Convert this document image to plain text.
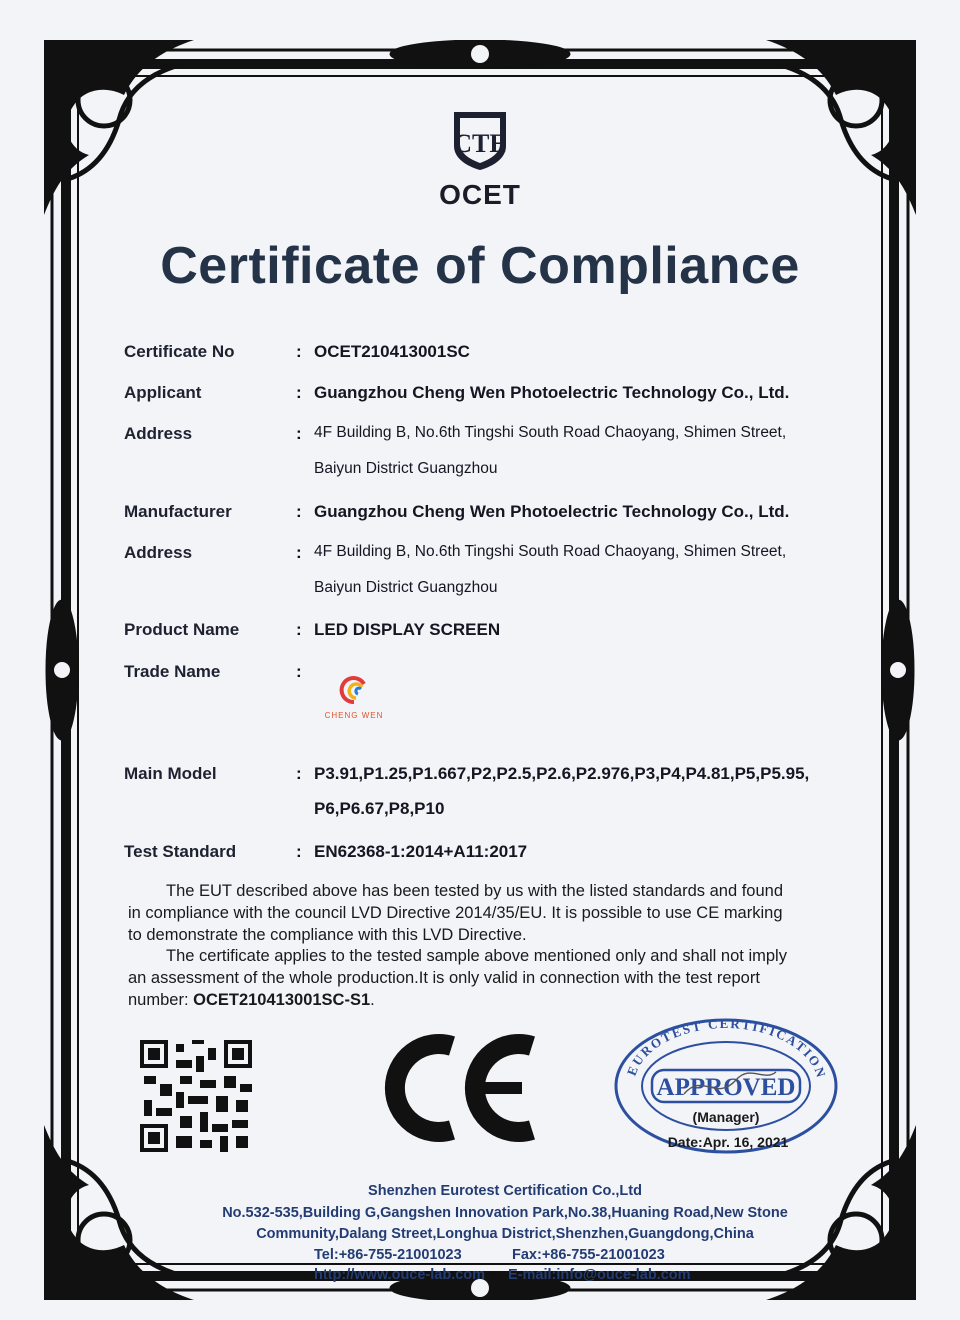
CTE
OCET
Certificate of Compliance
Certificate No	: OCET210413001SC
Applicant	: Guangzhou Cheng Wen Photoelectric Technology Co., Ltd.
Address	: 4F Building B, No.6th Tingshi South Road Chaoyang, Shimen Street,
Baiyun District Guangzhou
Manufacturer	: Guangzhou Cheng Wen Photoelectric Technology Co., Ltd.
Address	: 4F Building B, No.6th Tingshi South Road Chaoyang, Shimen Street,
Baiyun District Guangzhou
Product Name	: LED DISPLAY SCREEN
Trade Name	:
CHENG WEN
Main Model	: P3.91,P1.25,P1.667,P2,P2.5,P2.6,P2.976,P3,P4,P4.81,P5,P5.95,
P6,P6.67,P8,P10
Test Standard	: EN62368-1:2014+A11:2017
The EUT described above has been tested by us with the listed standards and found
in compliance with the council LVD Directive 2014/35/EU. It is possible to use CE marking
to demonstrate the compliance with this LVD Directive.
The certificate applies to the tested sample above mentioned only and shall not imply
an assessment of the whole production.It is only valid in connection with the test report
number: OCET210413001SC-S1.
EUROTEST CERTIFICATION
APPROVED
(Manager)
Date:Apr. 16, 2021
Shenzhen Eurotest Certification Co.,Ltd
No.532-535,Building G,Gangshen Innovation Park,No.38,Huaning Road,New Stone
Community,Dalang Street,Longhua District,Shenzhen,Guangdong,China
Tel:+86-755-21001023	Fax:+86-755-21001023
http://www.ouce-lab.com E-mail:info@ouce-lab.com
